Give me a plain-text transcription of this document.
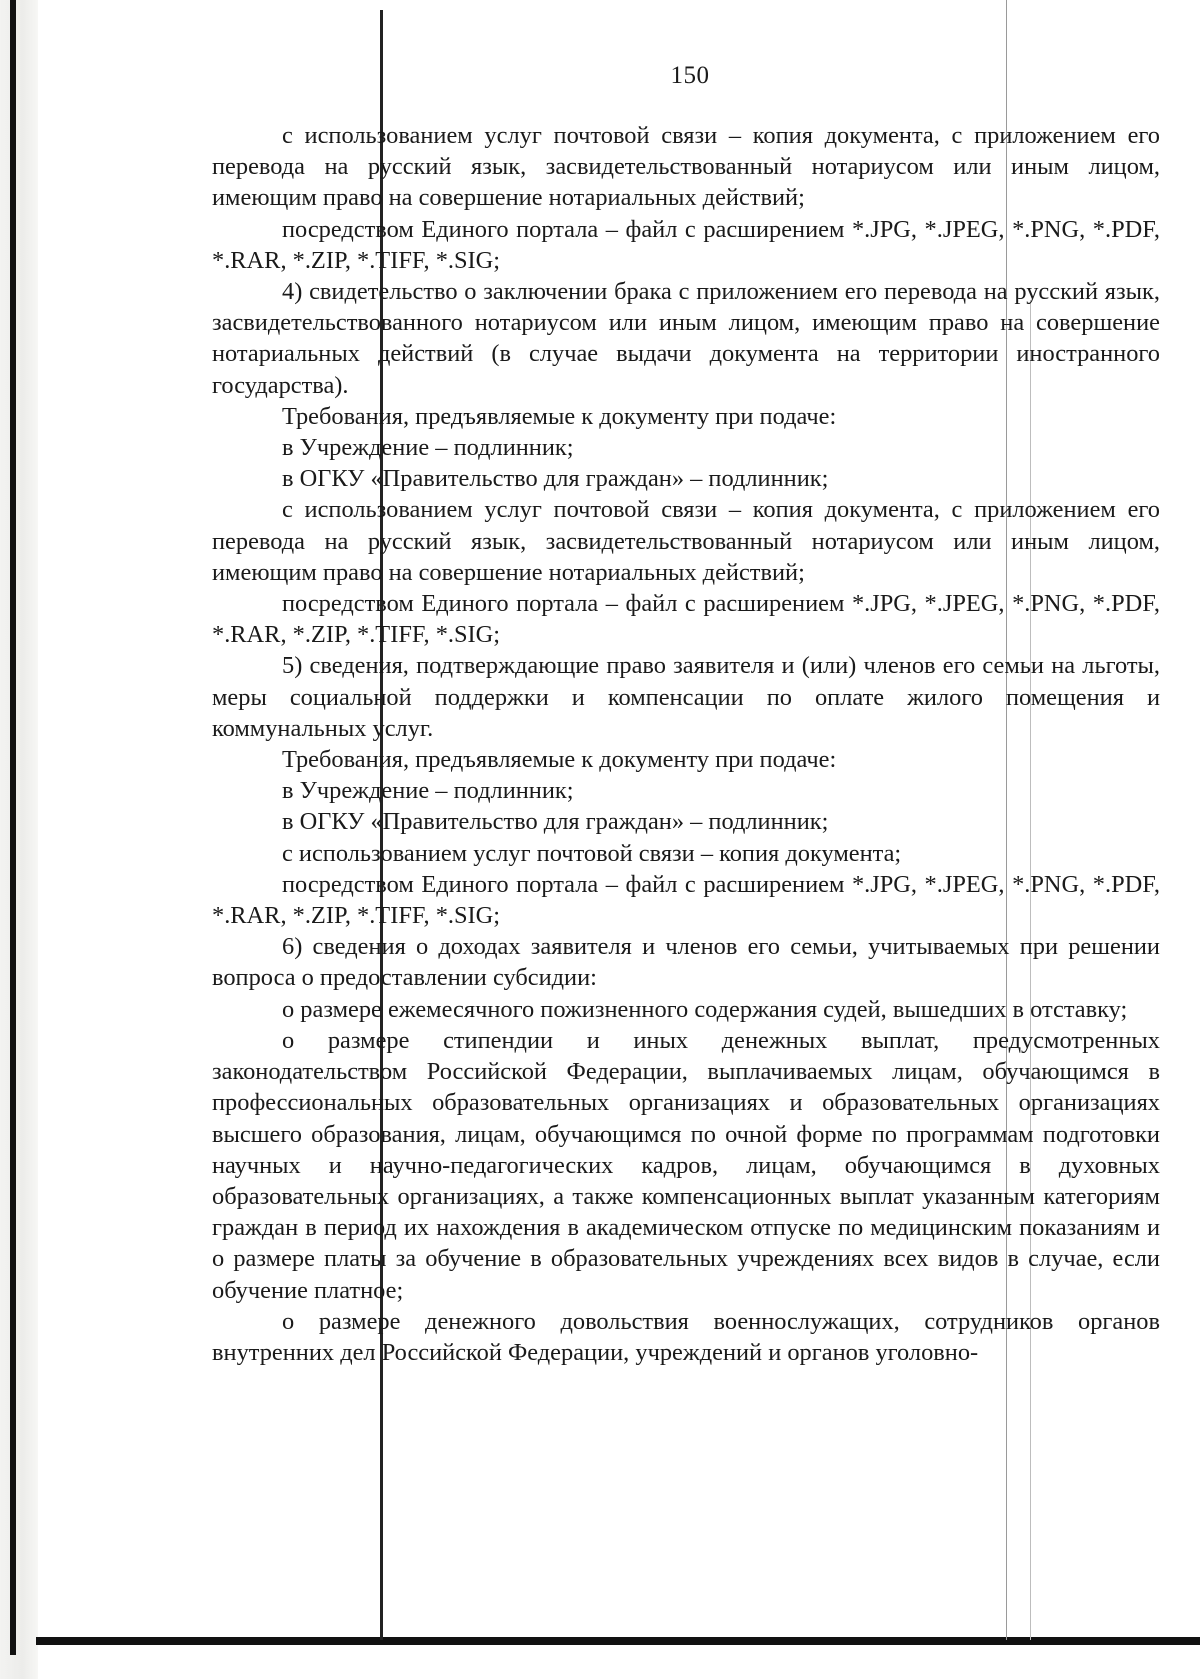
150

с использованием услуг почтовой связи – копия документа, с приложением его перевода на русский язык, засвидетельствованный нотариусом или иным лицом, имеющим право на совершение нотариальных действий;

посредством Единого портала – файл с расширением *.JPG, *.JPEG, *.PNG, *.PDF, *.RAR, *.ZIP, *.TIFF, *.SIG;

4) свидетельство о заключении брака с приложением его перевода на русский язык, засвидетельствованного нотариусом или иным лицом, имеющим право на совершение нотариальных действий (в случае выдачи документа на территории иностранного государства).

Требования, предъявляемые к документу при подаче:

в Учреждение – подлинник;

в ОГКУ «Правительство для граждан» – подлинник;

с использованием услуг почтовой связи – копия документа, с приложением его перевода на русский язык, засвидетельствованный нотариусом или иным лицом, имеющим право на совершение нотариальных действий;

посредством Единого портала – файл с расширением *.JPG, *.JPEG, *.PNG, *.PDF, *.RAR, *.ZIP, *.TIFF, *.SIG;

5) сведения, подтверждающие право заявителя и (или) членов его семьи на льготы, меры социальной поддержки и компенсации по оплате жилого помещения и коммунальных услуг.

Требования, предъявляемые к документу при подаче:

в Учреждение – подлинник;

в ОГКУ «Правительство для граждан» – подлинник;

с использованием услуг почтовой связи – копия документа;

посредством Единого портала – файл с расширением *.JPG, *.JPEG, *.PNG, *.PDF, *.RAR, *.ZIP, *.TIFF, *.SIG;

6) сведения о доходах заявителя и членов его семьи, учитываемых при решении вопроса о предоставлении субсидии:

о размере ежемесячного пожизненного содержания судей, вышедших в отставку;

о размере стипендии и иных денежных выплат, предусмотренных законодательством Российской Федерации, выплачиваемых лицам, обучающимся в профессиональных образовательных организациях и образовательных организациях высшего образования, лицам, обучающимся по очной форме по программам подготовки научных и научно-педагогических кадров, лицам, обучающимся в духовных образовательных организациях, а также компенсационных выплат указанным категориям граждан в период их нахождения в академическом отпуске по медицинским показаниям и о размере платы за обучение в образовательных учреждениях всех видов в случае, если обучение платное;

о размере денежного довольствия военнослужащих, сотрудников органов внутренних дел Российской Федерации, учреждений и органов уголовно-
